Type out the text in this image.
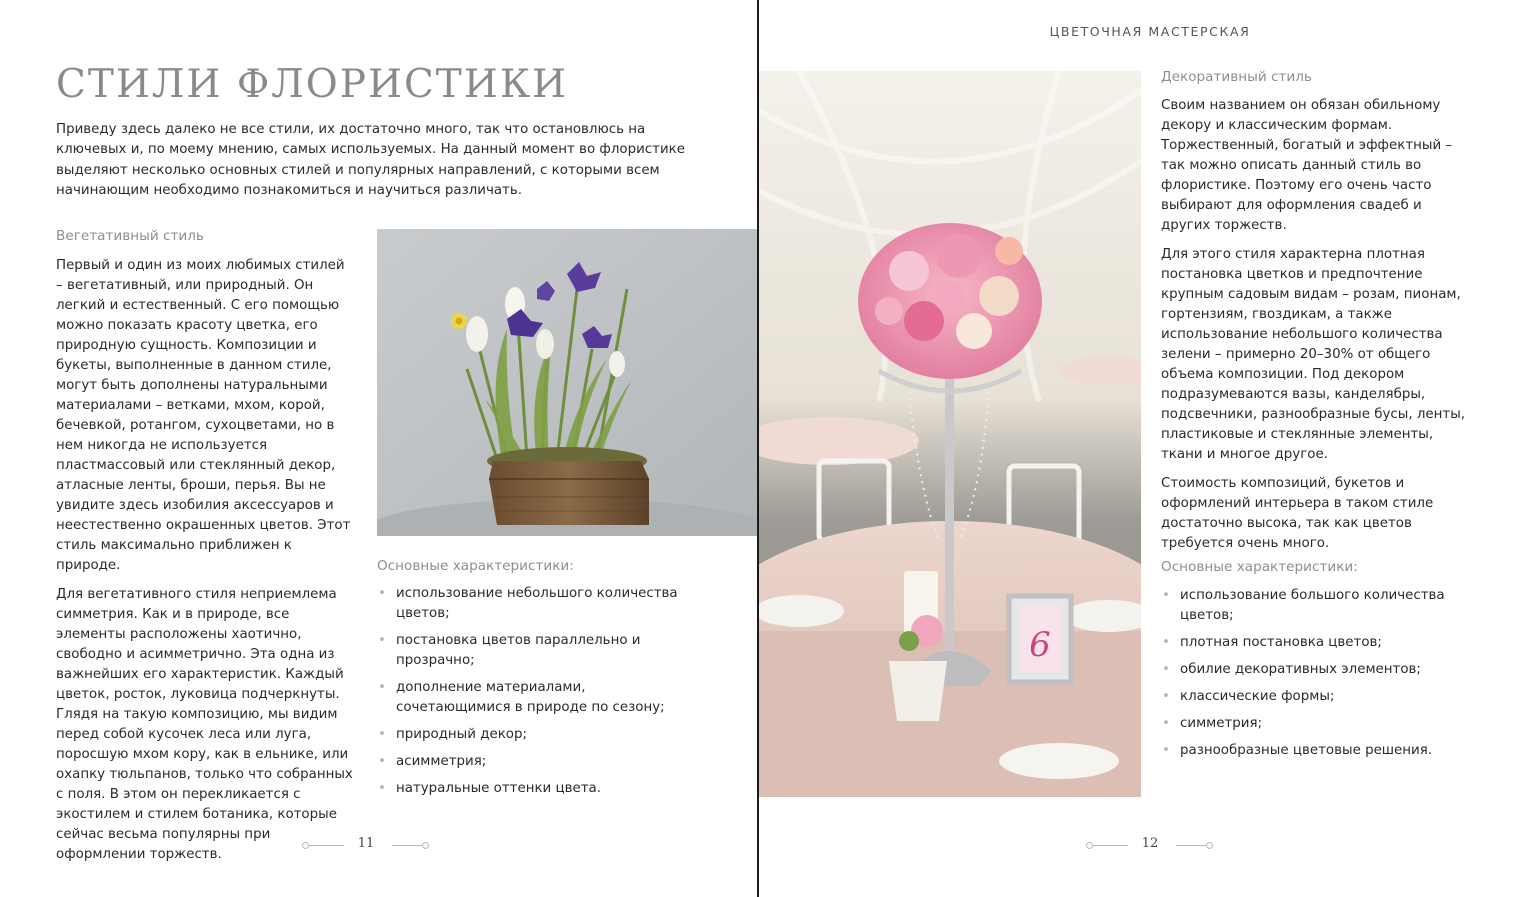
СТИЛИ ФЛОРИСТИКИ

Приведу здесь далеко не все стили, их достаточно много, так что остановлюсь на ключевых и, по моему мнению, самых используемых. На данный момент во флористике выделяют несколько основных стилей и популярных направлений, с которыми всем начинающим необходимо познакомиться и научиться различать.

Вегетативный стиль

Первый и один из моих любимых стилей – вегетативный, или природный. Он легкий и естественный. С его помощью можно показать красоту цветка, его природную сущность. Композиции и букеты, выполненные в данном стиле, могут быть дополнены натуральными материалами – ветками, мхом, корой, бечевкой, ротангом, сухоцветами, но в нем никогда не используется пластмассовый или стеклянный декор, атласные ленты, броши, перья. Вы не увидите здесь изобилия аксессуаров и неестественно окрашенных цветов. Этот стиль максимально приближен к природе.

Для вегетативного стиля неприемлема симметрия. Как и в природе, все элементы расположены хаотично, свободно и асимметрично. Эта одна из важнейших его характеристик. Каждый цветок, росток, луковица подчеркнуты. Глядя на такую композицию, мы видим перед собой кусочек леса или луга, поросшую мхом кору, как в ельнике, или охапку тюльпанов, только что собранных с поля. В этом он перекликается с экостилем и стилем ботаника, которые сейчас весьма популярны при оформлении торжеств.

Основные характеристики:
• использование небольшого количества цветов;
• постановка цветов параллельно и прозрачно;
• дополнение материалами, сочетающимися в природе по сезону;
• природный декор;
• асимметрия;
• натуральные оттенки цвета.
11

ЦВЕТОЧНАЯ МАСТЕРСКАЯ

6
Декоративный стиль

Своим названием он обязан обильному декору и классическим формам. Торжественный, богатый и эффектный – так можно описать данный стиль во флористике. Поэтому его очень часто выбирают для оформления свадеб и других торжеств.

Для этого стиля характерна плотная постановка цветков и предпочтение крупным садовым видам – розам, пионам, гортензиям, гвоздикам, а также использование небольшого количества зелени – примерно 20–30% от общего объема композиции. Под декором подразумеваются вазы, канделябры, подсвечники, разнообразные бусы, ленты, пластиковые и стеклянные элементы, ткани и многое другое.

Стоимость композиций, букетов и оформлений интерьера в таком стиле достаточно высока, так как цветов требуется очень много.

Основные характеристики:
• использование большого количества цветов;
• плотная постановка цветов;
• обилие декоративных элементов;
• классические формы;
• симметрия;
• разнообразные цветовые решения.
12
